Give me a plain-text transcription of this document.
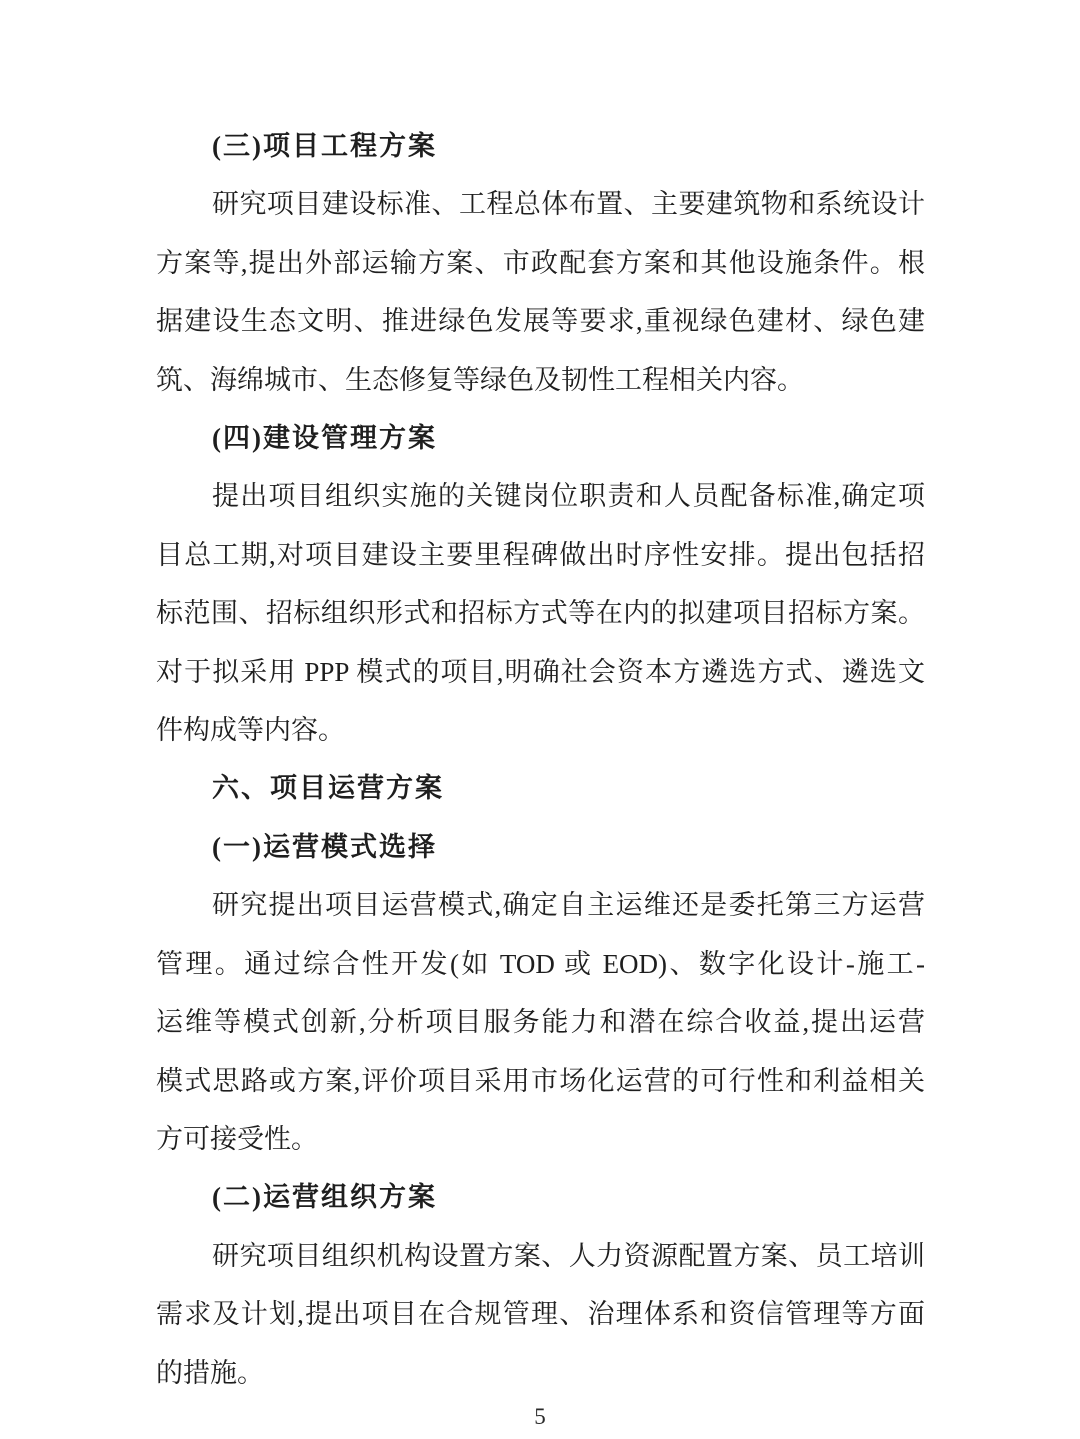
(三)项目工程方案
研究项目建设标准、工程总体布置、主要建筑物和系统设计
方案等,提出外部运输方案、市政配套方案和其他设施条件。根
据建设生态文明、推进绿色发展等要求,重视绿色建材、绿色建
筑、海绵城市、生态修复等绿色及韧性工程相关内容。
(四)建设管理方案
提出项目组织实施的关键岗位职责和人员配备标准,确定项
目总工期,对项目建设主要里程碑做出时序性安排。提出包括招
标范围、招标组织形式和招标方式等在内的拟建项目招标方案。
对于拟采用 PPP 模式的项目,明确社会资本方遴选方式、遴选文
件构成等内容。
六、项目运营方案
(一)运营模式选择
研究提出项目运营模式,确定自主运维还是委托第三方运营
管理。通过综合性开发(如 TOD 或 EOD)、数字化设计-施工-
运维等模式创新,分析项目服务能力和潜在综合收益,提出运营
模式思路或方案,评价项目采用市场化运营的可行性和利益相关
方可接受性。
(二)运营组织方案
研究项目组织机构设置方案、人力资源配置方案、员工培训
需求及计划,提出项目在合规管理、治理体系和资信管理等方面
的措施。
5
